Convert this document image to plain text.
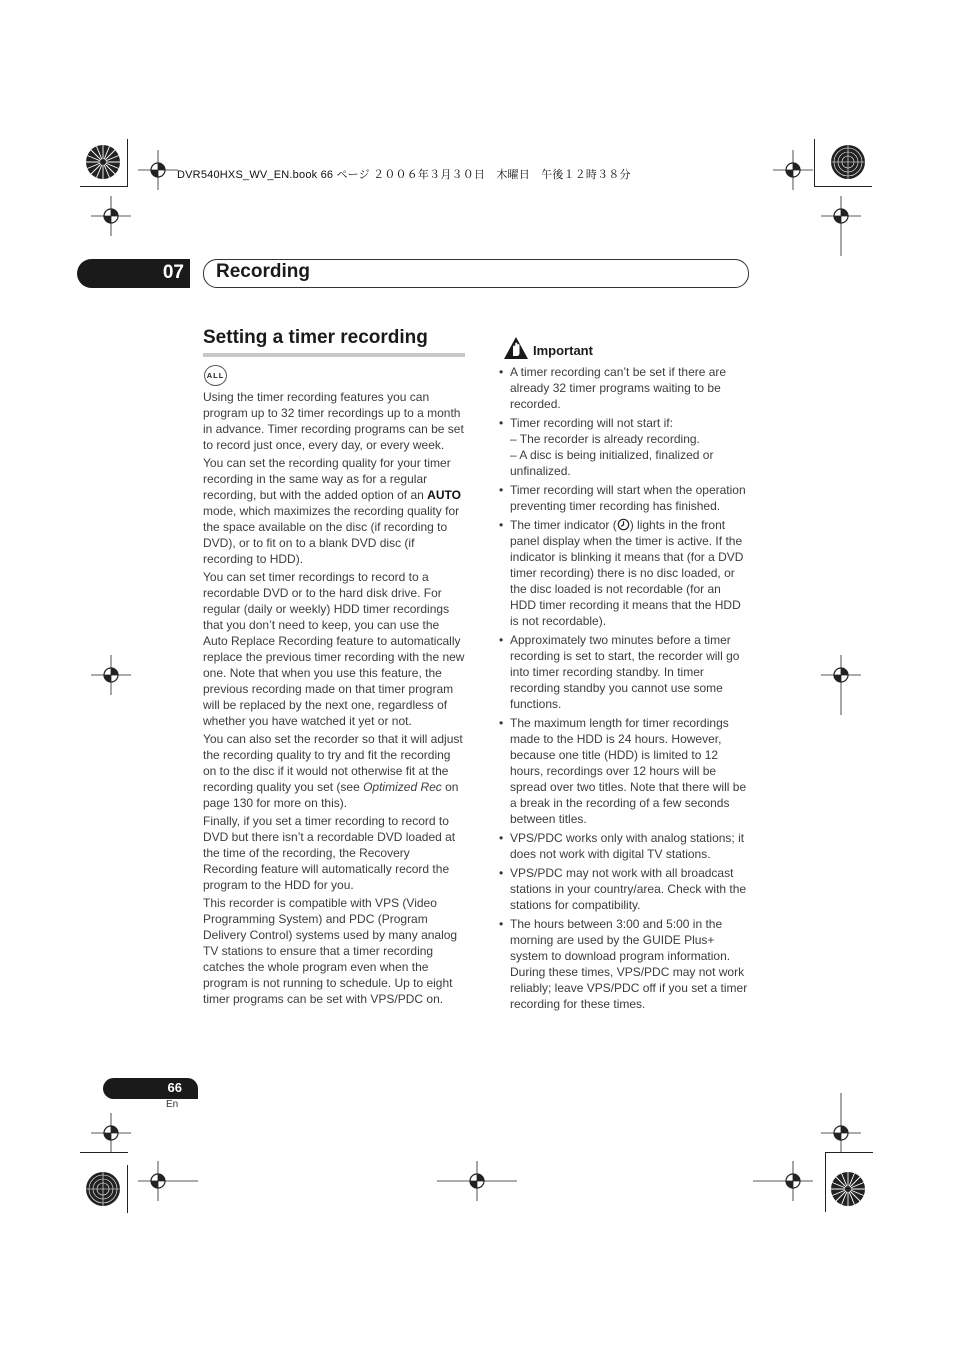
DVR540HXS_WV_EN.book 66 ページ ２００６年３月３０日　木曜日　午後１２時３８分
07 Recording
Setting a timer recording
ALL

Using the timer recording features you can program up to 32 timer recordings up to a month in advance. Timer recording programs can be set to record just once, every day, or every week.

You can set the recording quality for your timer recording in the same way as for a regular recording, but with the added option of an AUTO mode, which maximizes the recording quality for the space available on the disc (if recording to DVD), or to fit on to a blank DVD disc (if recording to HDD).

You can set timer recordings to record to a recordable DVD or to the hard disk drive. For regular (daily or weekly) HDD timer recordings that you don’t need to keep, you can use the Auto Replace Recording feature to automatically replace the previous timer recording with the new one. Note that when you use this feature, the previous recording made on that timer program will be replaced by the next one, regardless of whether you have watched it yet or not.

You can also set the recorder so that it will adjust the recording quality to try and fit the recording on to the disc if it would not otherwise fit at the recording quality you set (see Optimized Rec on page 130 for more on this).

Finally, if you set a timer recording to record to DVD but there isn’t a recordable DVD loaded at the time of the recording, the Recovery Recording feature will automatically record the program to the HDD for you.

This recorder is compatible with VPS (Video Programming System) and PDC (Program Delivery Control) systems used by many analog TV stations to ensure that a timer recording catches the whole program even when the program is not running to schedule. Up to eight timer programs can be set with VPS/PDC on.

Important
• A timer recording can’t be set if there are already 32 timer programs waiting to be recorded.
• Timer recording will not start if:
– The recorder is already recording.
– A disc is being initialized, finalized or unfinalized.
• Timer recording will start when the operation preventing timer recording has finished.
• The timer indicator ( ) lights in the front panel display when the timer is active. If the indicator is blinking it means that (for a DVD timer recording) there is no disc loaded, or the disc loaded is not recordable (for an HDD timer recording it means that the HDD is not recordable).
• Approximately two minutes before a timer recording is set to start, the recorder will go into timer recording standby. In timer recording standby you cannot use some functions.
• The maximum length for timer recordings made to the HDD is 24 hours. However, because one title (HDD) is limited to 12 hours, recordings over 12 hours will be spread over two titles. Note that there will be a break in the recording of a few seconds between titles.
• VPS/PDC works only with analog stations; it does not work with digital TV stations.
• VPS/PDC may not work with all broadcast stations in your country/area. Check with the stations for compatibility.
• The hours between 3:00 and 5:00 in the morning are used by the GUIDE Plus+ system to download program information. During these times, VPS/PDC may not work reliably; leave VPS/PDC off if you set a timer recording for these times.
66
En
